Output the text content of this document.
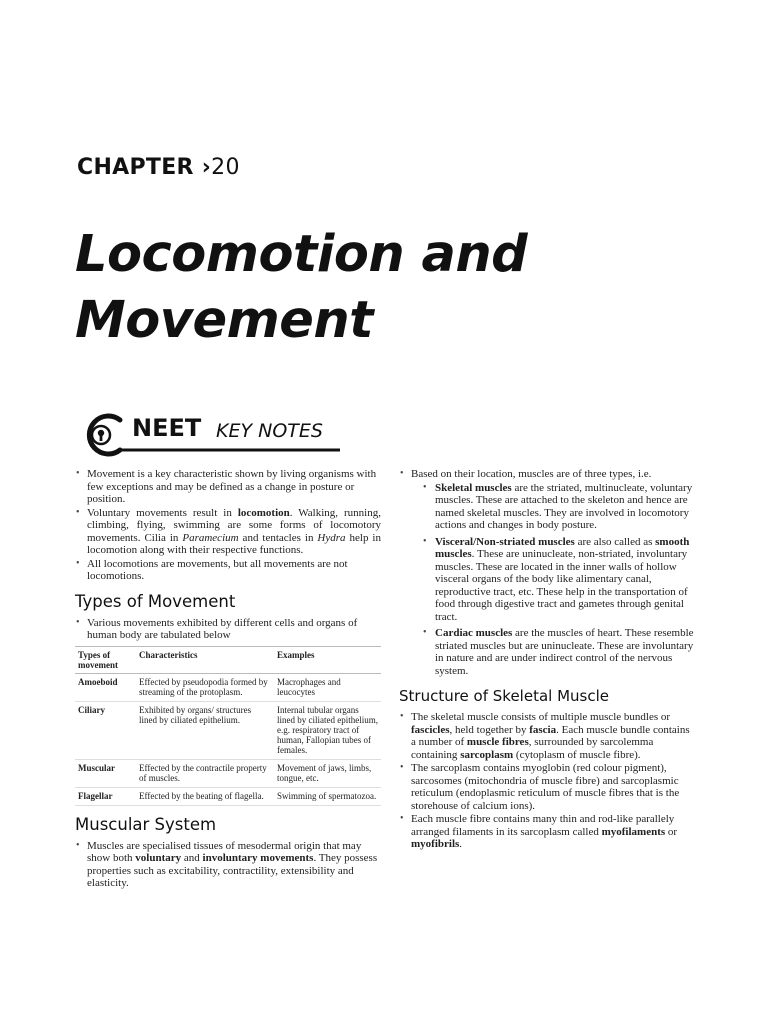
CHAPTER ›20
Locomotion and
Movement
NEET KEY NOTES
• Movement is a key characteristic shown by living organisms with few exceptions and may be defined as a change in posture or position.
• Voluntary movements result in locomotion. Walking, running, climbing, flying, swimming are some forms of locomotory movements. Cilia in Paramecium and tentacles in Hydra help in locomotion along with their respective functions.
• All locomotions are movements, but all movements are not locomotions.
Types of Movement
• Various movements exhibited by different cells and organs of human body are tabulated below
Types of movement	Characteristics	Examples
Amoeboid	Effected by pseudopodia formed by streaming of the protoplasm.	Macrophages and leucocytes
Ciliary	Exhibited by organs/ structures lined by ciliated epithelium.	Internal tubular organs lined by ciliated epithelium, e.g. respiratory tract of human, Fallopian tubes of females.
Muscular	Effected by the contractile property of muscles.	Movement of jaws, limbs, tongue, etc.
Flagellar	Effected by the beating of flagella.	Swimming of spermatozoa.
Muscular System
• Muscles are specialised tissues of mesodermal origin that may show both voluntary and involuntary movements. They possess properties such as excitability, contractility, extensibility and elasticity.
• Based on their location, muscles are of three types, i.e.
• Skeletal muscles are the striated, multinucleate, voluntary muscles. These are attached to the skeleton and hence are named skeletal muscles. They are involved in locomotory actions and changes in body posture.
• Visceral/Non-striated muscles are also called as smooth muscles. These are uninucleate, non-striated, involuntary muscles. These are located in the inner walls of hollow visceral organs of the body like alimentary canal, reproductive tract, etc. These help in the transportation of food through digestive tract and gametes through genital tract.
• Cardiac muscles are the muscles of heart. These resemble striated muscles but are uninucleate. These are involuntary in nature and are under indirect control of the nervous system.
Structure of Skeletal Muscle
• The skeletal muscle consists of multiple muscle bundles or fascicles, held together by fascia. Each muscle bundle contains a number of muscle fibres, surrounded by sarcolemma containing sarcoplasm (cytoplasm of muscle fibre).
• The sarcoplasm contains myoglobin (red colour pigment), sarcosomes (mitochondria of muscle fibre) and sarcoplasmic reticulum (endoplasmic reticulum of muscle fibres that is the storehouse of calcium ions).
• Each muscle fibre contains many thin and rod-like parallely arranged filaments in its sarcoplasm called myofilaments or myofibrils.
